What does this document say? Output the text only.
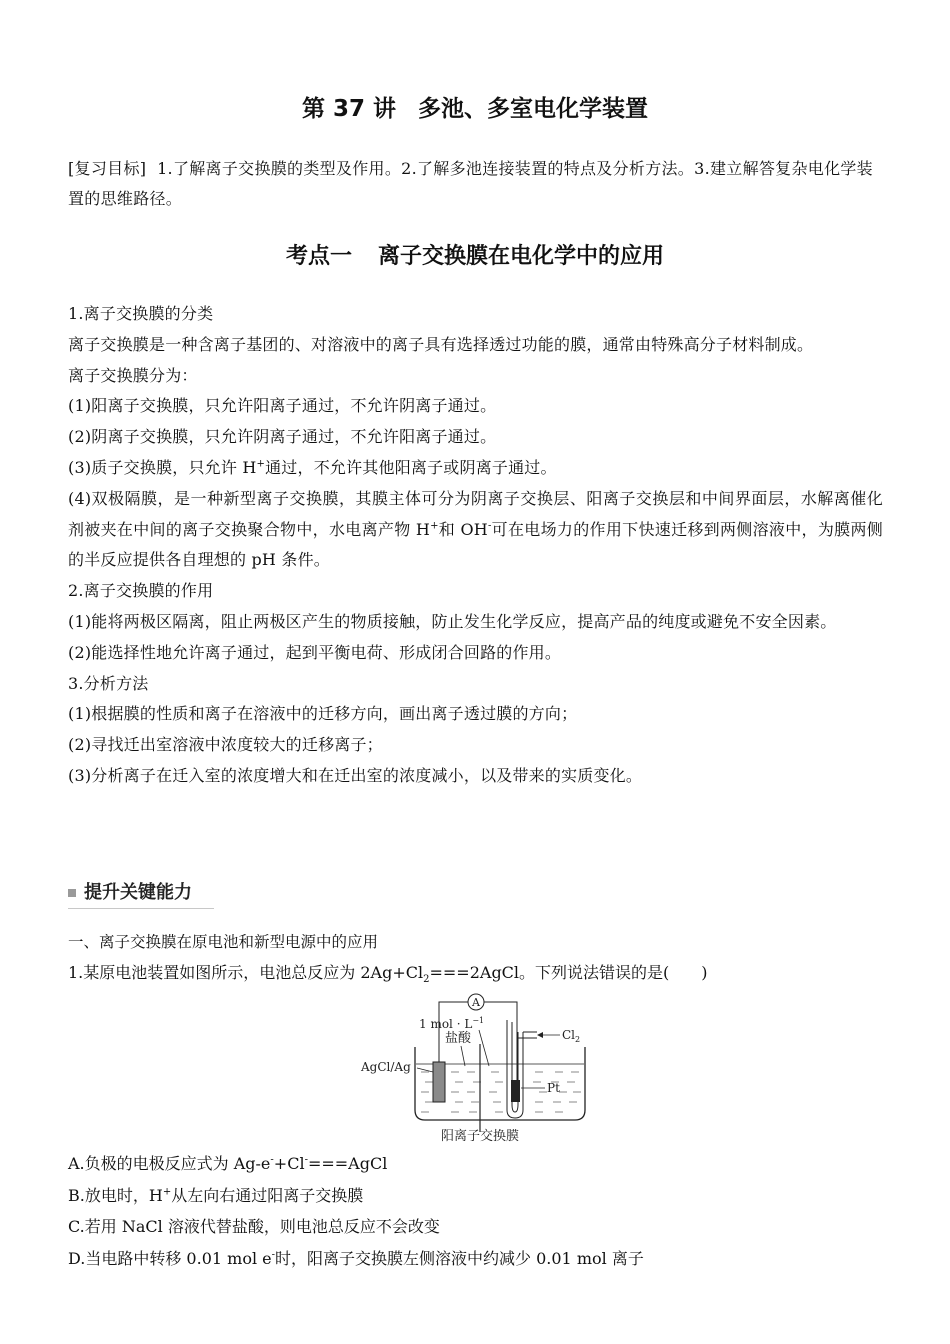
第 37 讲 多池、多室电化学装置
[复习目标] 1.了解离子交换膜的类型及作用。2.了解多池连接装置的特点及分析方法。3.建立解答复杂电化学装置的思维路径。
考点一 离子交换膜在电化学中的应用

1.离子交换膜的分类

离子交换膜是一种含离子基团的、对溶液中的离子具有选择透过功能的膜，通常由特殊高分子材料制成。

离子交换膜分为：

(1)阳离子交换膜，只允许阳离子通过，不允许阴离子通过。

(2)阴离子交换膜，只允许阴离子通过，不允许阳离子通过。

(3)质子交换膜，只允许 H+通过，不允许其他阳离子或阴离子通过。

(4)双极隔膜，是一种新型离子交换膜，其膜主体可分为阴离子交换层、阳离子交换层和中间界面层，水解离催化剂被夹在中间的离子交换聚合物中，水电离产物 H+和 OH-可在电场力的作用下快速迁移到两侧溶液中，为膜两侧的半反应提供各自理想的 pH 条件。

2.离子交换膜的作用

(1)能将两极区隔离，阻止两极区产生的物质接触，防止发生化学反应，提高产品的纯度或避免不安全因素。

(2)能选择性地允许离子通过，起到平衡电荷、形成闭合回路的作用。

3.分析方法

(1)根据膜的性质和离子在溶液中的迁移方向，画出离子透过膜的方向；

(2)寻找迁出室溶液中浓度较大的迁移离子；

(3)分析离子在迁入室的浓度增大和在迁出室的浓度减小，以及带来的实质变化。

提升关键能力
一、离子交换膜在原电池和新型电源中的应用
1.某原电池装置如图所示，电池总反应为 $2Ag+Cl_2===2AgCl$。下列说法错误的是(　　)
A
1 mol · $L^{-1}$
盐酸	$Cl_2$
AgCl/Ag
Pt
阳离子交换膜

A.负极的电极反应式为 Ag-e-+Cl-===AgCl

B.放电时，H+从左向右通过阳离子交换膜

C.若用 NaCl 溶液代替盐酸，则电池总反应不会改变

D.当电路中转移 0.01 mol e-时，阳离子交换膜左侧溶液中约减少 0.01 mol 离子
